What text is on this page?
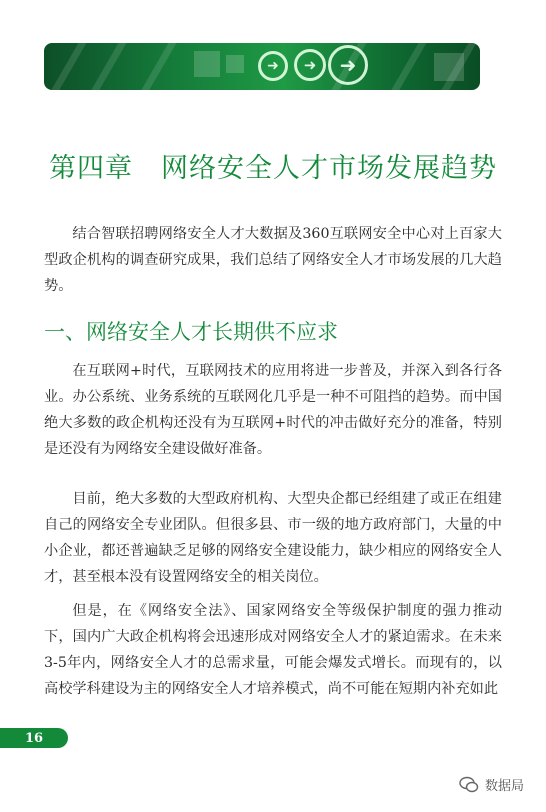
➜	➜	➜
第四章　网络安全人才市场发展趋势

结合智联招聘网络安全人才大数据及360互联网安全中心对上百家大型政企机构的调查研究成果，我们总结了网络安全人才市场发展的几大趋势。

一、网络安全人才长期供不应求

在互联网+时代，互联网技术的应用将进一步普及，并深入到各行各业。办公系统、业务系统的互联网化几乎是一种不可阻挡的趋势。而中国绝大多数的政企机构还没有为互联网+时代的冲击做好充分的准备，特别是还没有为网络安全建设做好准备。

目前，绝大多数的大型政府机构、大型央企都已经组建了或正在组建自己的网络安全专业团队。但很多县、市一级的地方政府部门，大量的中小企业，都还普遍缺乏足够的网络安全建设能力，缺少相应的网络安全人才，甚至根本没有设置网络安全的相关岗位。

但是，在《网络安全法》、国家网络安全等级保护制度的强力推动下，国内广大政企机构将会迅速形成对网络安全人才的紧迫需求。在未来3-5年内，网络安全人才的总需求量，可能会爆发式增长。而现有的，以高校学科建设为主的网络安全人才培养模式，尚不可能在短期内补充如此

16
数据局
